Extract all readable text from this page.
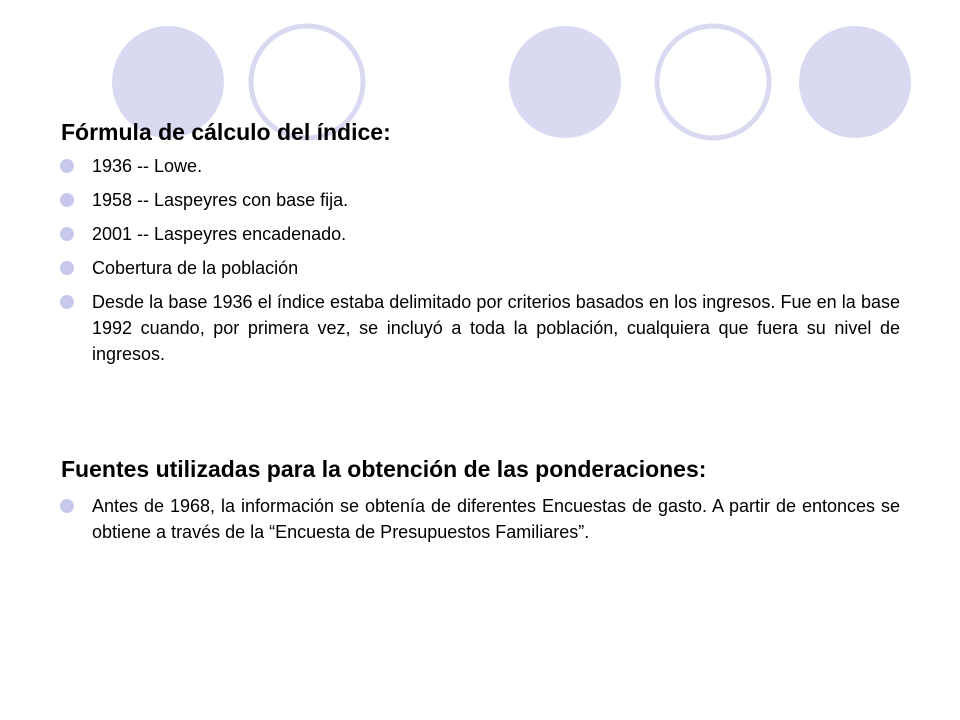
Fórmula de cálculo del índice:
1936 -- Lowe.
1958 -- Laspeyres con base fija.
2001 -- Laspeyres encadenado.
Cobertura de la población
Desde la base 1936 el índice estaba delimitado por criterios basados en los ingresos. Fue en la base 1992 cuando, por primera vez, se incluyó a toda la población, cualquiera que fuera su nivel de ingresos.
Fuentes utilizadas para la obtención de las ponderaciones:
Antes de 1968, la información se obtenía de diferentes Encuestas de gasto. A partir de entonces se obtiene a través de la “Encuesta de Presupuestos Familiares”.
